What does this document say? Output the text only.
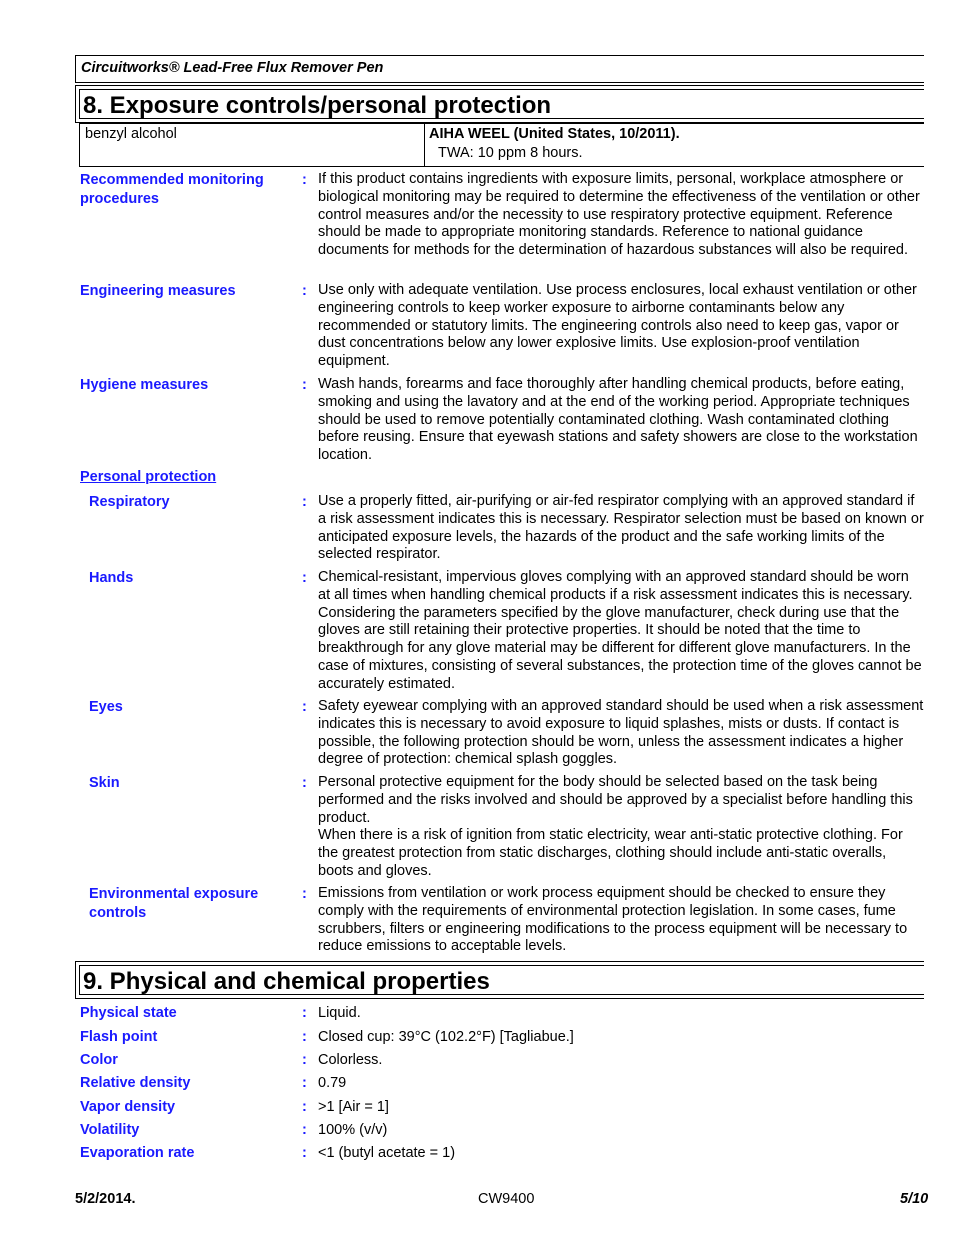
Circuitworks® Lead-Free Flux Remover Pen
8. Exposure controls/personal protection
benzyl alcohol	AIHA WEEL (United States, 10/2011).
TWA: 10 ppm 8 hours.
Recommended monitoring procedures
: If this product contains ingredients with exposure limits, personal, workplace atmosphere or biological monitoring may be required to determine the effectiveness of the ventilation or other control measures and/or the necessity to use respiratory protective equipment. Reference should be made to appropriate monitoring standards. Reference to national guidance documents for methods for the determination of hazardous substances will also be required.
Engineering measures	: Use only with adequate ventilation. Use process enclosures, local exhaust ventilation or other engineering controls to keep worker exposure to airborne contaminants below any recommended or statutory limits. The engineering controls also need to keep gas, vapor or dust concentrations below any lower explosive limits. Use explosion-proof ventilation equipment.
Hygiene measures	: Wash hands, forearms and face thoroughly after handling chemical products, before eating, smoking and using the lavatory and at the end of the working period. Appropriate techniques should be used to remove potentially contaminated clothing. Wash contaminated clothing before reusing. Ensure that eyewash stations and safety showers are close to the workstation location.
Personal protection
Respiratory	: Use a properly fitted, air-purifying or air-fed respirator complying with an approved standard if a risk assessment indicates this is necessary. Respirator selection must be based on known or anticipated exposure levels, the hazards of the product and the safe working limits of the selected respirator.
Hands	: Chemical-resistant, impervious gloves complying with an approved standard should be worn at all times when handling chemical products if a risk assessment indicates this is necessary. Considering the parameters specified by the glove manufacturer, check during use that the gloves are still retaining their protective properties. It should be noted that the time to breakthrough for any glove material may be different for different glove manufacturers. In the case of mixtures, consisting of several substances, the protection time of the gloves cannot be accurately estimated.
Eyes	: Safety eyewear complying with an approved standard should be used when a risk assessment indicates this is necessary to avoid exposure to liquid splashes, mists or dusts. If contact is possible, the following protection should be worn, unless the assessment indicates a higher degree of protection: chemical splash goggles.
Skin	: Personal protective equipment for the body should be selected based on the task being performed and the risks involved and should be approved by a specialist before handling this product.

When there is a risk of ignition from static electricity, wear anti-static protective clothing. For the greatest protection from static discharges, clothing should include anti-static overalls, boots and gloves.

Environmental exposure controls
: Emissions from ventilation or work process equipment should be checked to ensure they comply with the requirements of environmental protection legislation. In some cases, fume scrubbers, filters or engineering modifications to the process equipment will be necessary to reduce emissions to acceptable levels.
9. Physical and chemical properties
Physical state	: Liquid.
Flash point	: Closed cup: 39°C (102.2°F) [Tagliabue.]
Color	: Colorless.
Relative density	: 0.79
Vapor density	: >1 [Air = 1]
Volatility	: 100% (v/v)
Evaporation rate	: <1 (butyl acetate = 1)
5/2/2014.	CW9400	5/10
